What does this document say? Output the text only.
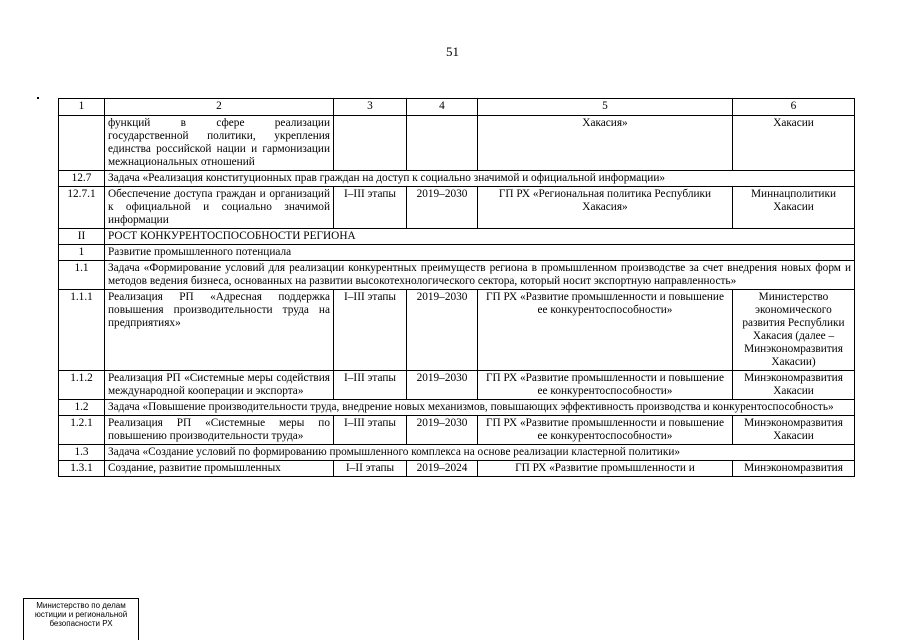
51
1	2	3	4	5	6
	функций в сфере реализации государственной политики, укрепления единства российской нации и гармонизации межнациональных отношений			Хакасия»	Хакасии
12.7	Задача «Реализация конституционных прав граждан на доступ к социально значимой и официальной информации»				
12.7.1	Обеспечение доступа граждан и организаций к официальной и социально значимой информации	I–III этапы	2019–2030	ГП РХ «Региональная политика Республики Хакасия»	Миннацполитики Хакасии
II	РОСТ КОНКУРЕНТОСПОСОБНОСТИ РЕГИОНА				
1	Развитие промышленного потенциала				
1.1	Задача «Формирование условий для реализации конкурентных преимуществ региона в промышленном производстве за счет внедрения новых форм и методов ведения бизнеса, основанных на развитии высокотехнологического сектора, который носит экспортную направленность»				
1.1.1	Реализация РП «Адресная поддержка повышения производительности труда на предприятиях»	I–III этапы	2019–2030	ГП РХ «Развитие промышленности и повышение ее конкурентоспособности»	Министерство экономического развития Республики Хакасия (далее – Минэкономразвития Хакасии)
1.1.2	Реализация РП «Системные меры содействия международной кооперации и экспорта»	I–III этапы	2019–2030	ГП РХ «Развитие промышленности и повышение ее конкурентоспособности»	Минэкономразвития Хакасии
1.2	Задача «Повышение производительности труда, внедрение новых механизмов, повышающих эффективность производства и конкурентоспособность»				
1.2.1	Реализация РП «Системные меры по повышению производительности труда»	I–III этапы	2019–2030	ГП РХ «Развитие промышленности и повышение ее конкурентоспособности»	Минэкономразвития Хакасии
1.3	Задача «Создание условий по формированию промышленного комплекса на основе реализации кластерной политики»				
1.3.1	Создание, развитие промышленных	I–II этапы	2019–2024	ГП РХ «Развитие промышленности и	Минэкономразвития
Министерство по делам
юстиции и региональной
безопасности РХ
